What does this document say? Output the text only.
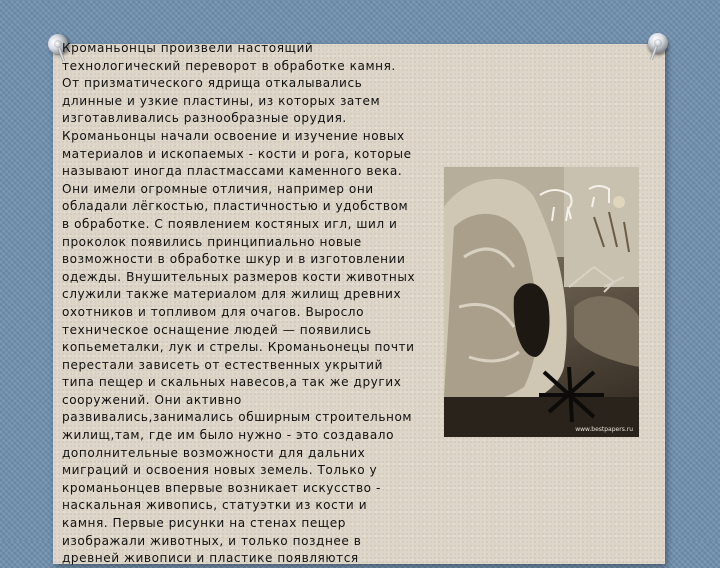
Кроманьонцы произвели настоящий
технологический переворот в обработке камня.
От призматического ядрища откалывались
длинные и узкие пластины, из которых затем
изготавливались разнообразные орудия.
Кроманьонцы начали освоение и изучение новых
материалов и ископаемых - кости и рога, которые
называют иногда пластмассами каменного века.
Они имели огромные отличия, например они
обладали лёгкостью, пластичностью и удобством
в обработке. С появлением костяных игл, шил и
проколок появились принципиально новые
возможности в обработке шкур и в изготовлении
одежды. Внушительных размеров кости животных
служили также материалом для жилищ древних
охотников и топливом для очагов. Выросло
техническое оснащение людей — появились
копьеметалки, лук и стрелы. Кроманьонецы почти
перестали зависеть от естественных укрытий
типа пещер и скальных навесов,а так же других
сооружений. Они активно
развивались,занимались обширным строительном
жилищ,там, где им было нужно - это создавало
дополнительные возможности для дальних
миграций и освоения новых земель. Только у
кроманьонцев впервые возникает искусство -
наскальная живопись, статуэтки из кости и
камня. Первые рисунки на стенах пещер
изображали животных, и только позднее в
древней живописи и пластике появляются

www.bestpapers.ru
